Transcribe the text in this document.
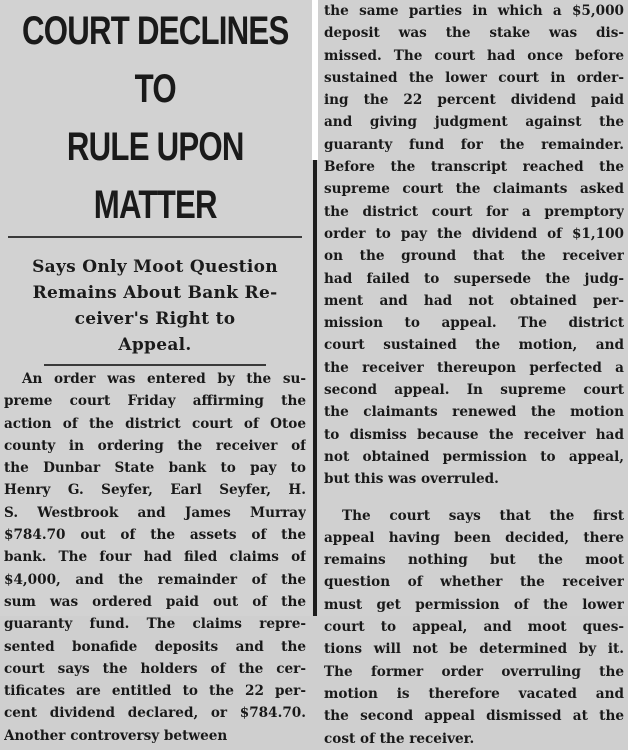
COURT DECLINES TO
RULE UPON MATTER
Says Only Moot Question
Remains About Bank Re-
ceiver's Right to
Appeal.
An order was entered by the su-
preme court Friday affirming the
action of the district court of Otoe
county in ordering the receiver of
the Dunbar State bank to pay to
Henry G. Seyfer, Earl Seyfer, H.
S. Westbrook and James Murray
$784.70 out of the assets of the
bank. The four had filed claims of
$4,000, and the remainder of the
sum was ordered paid out of the
guaranty fund. The claims repre-
sented bonafide deposits and the
court says the holders of the cer-
tificates are entitled to the 22 per-
cent dividend declared, or $784.70.
Another controversy between
the same parties in which a $5,000
deposit was the stake was dis-
missed. The court had once before
sustained the lower court in order-
ing the 22 percent dividend paid
and giving judgment against the
guaranty fund for the remainder.
Before the transcript reached the
supreme court the claimants asked
the district court for a premptory
order to pay the dividend of $1,100
on the ground that the receiver
had failed to supersede the judg-
ment and had not obtained per-
mission to appeal. The district
court sustained the motion, and
the receiver thereupon perfected a
second appeal. In supreme court
the claimants renewed the motion
to dismiss because the receiver had
not obtained permission to appeal,
but this was overruled.
The court says that the first
appeal having been decided, there
remains nothing but the moot
question of whether the receiver
must get permission of the lower
court to appeal, and moot ques-
tions will not be determined by it.
The former order overruling the
motion is therefore vacated and
the second appeal dismissed at the
cost of the receiver.
